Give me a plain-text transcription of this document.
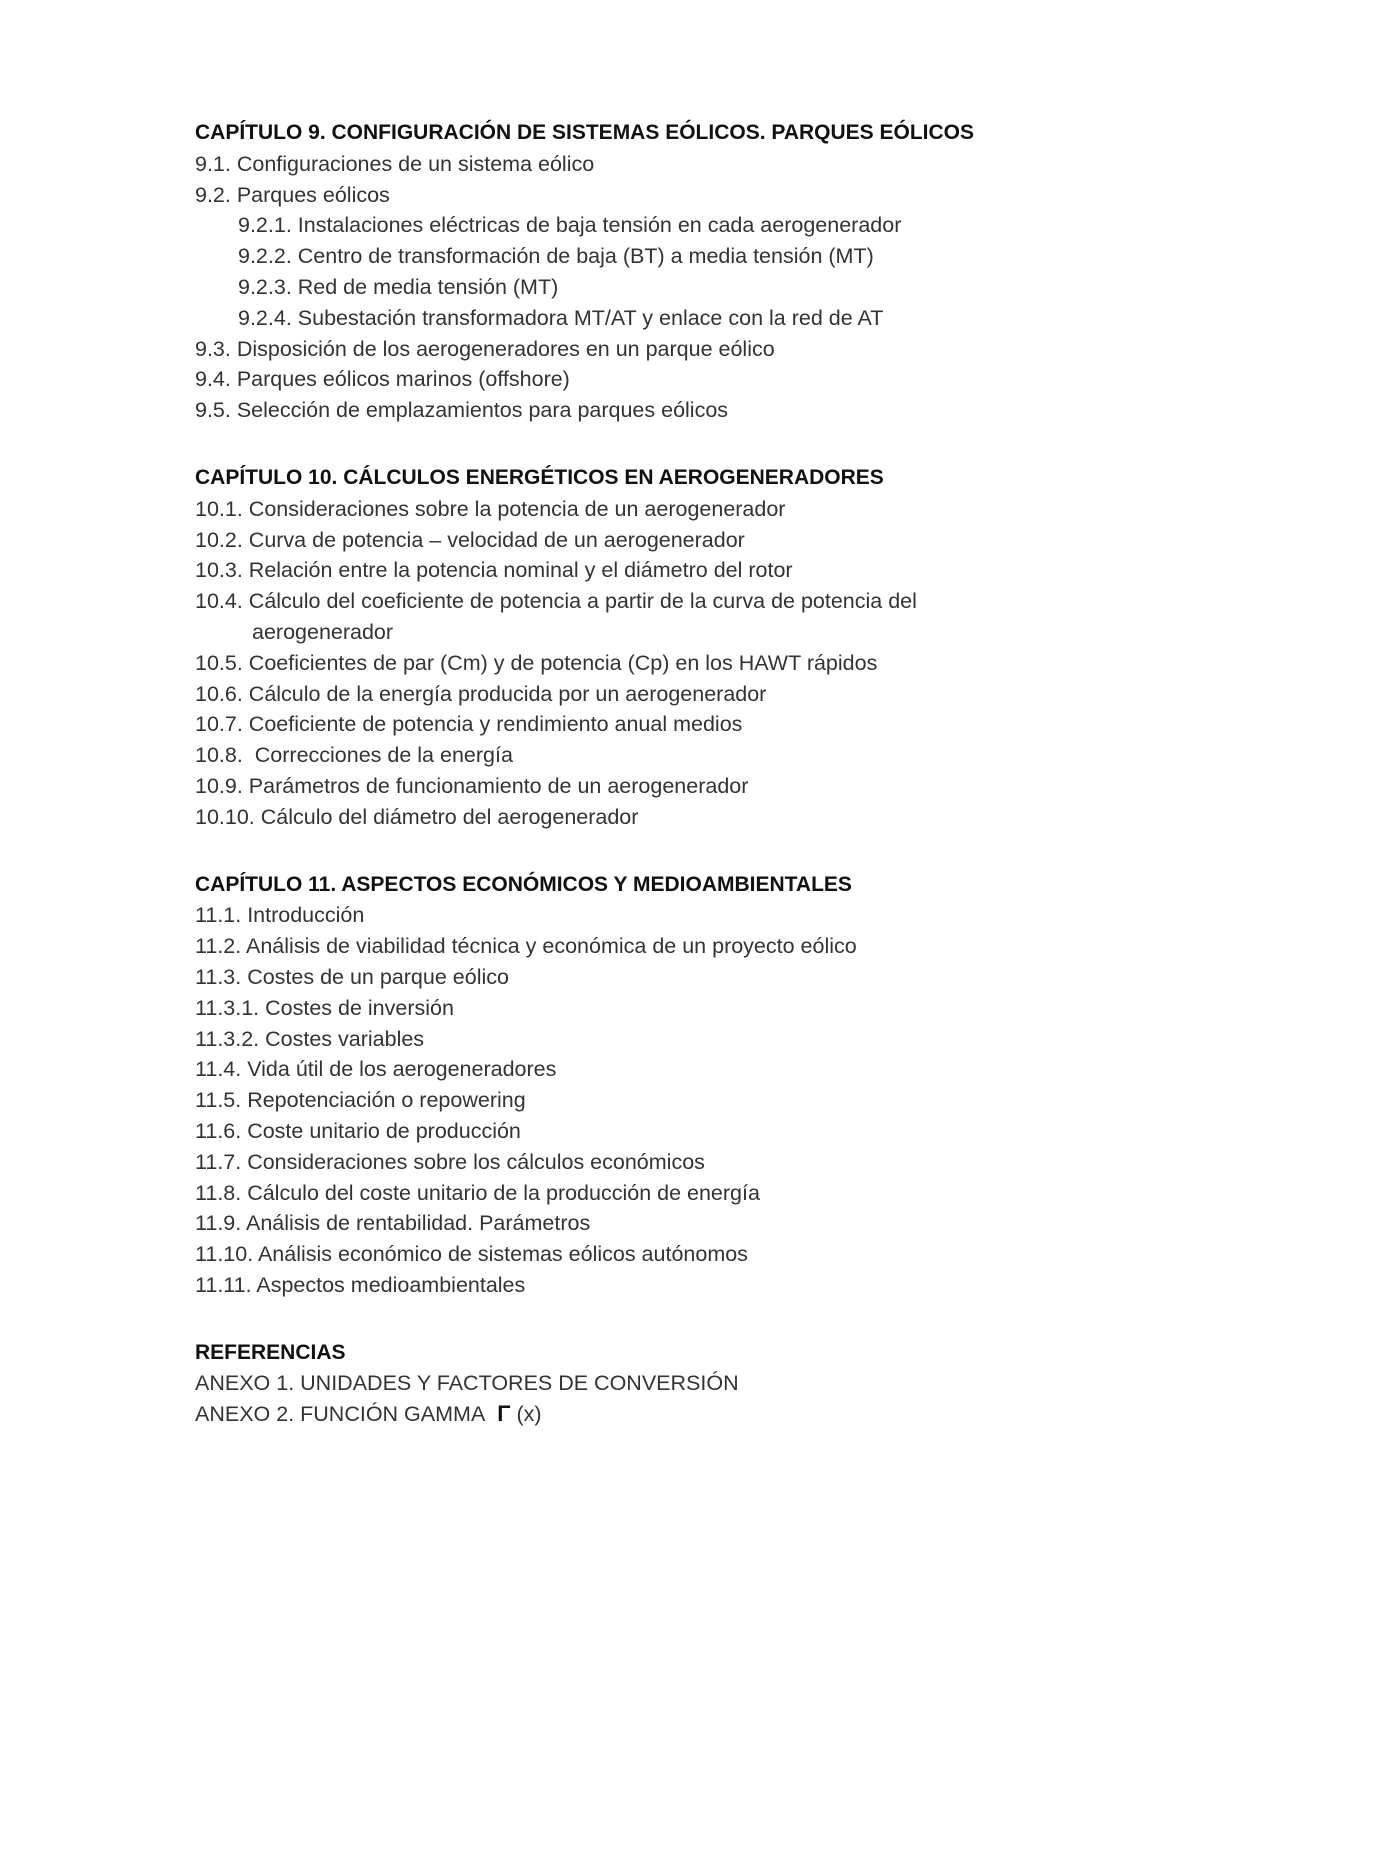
CAPÍTULO 9. CONFIGURACIÓN DE SISTEMAS EÓLICOS. PARQUES EÓLICOS

9.1. Configuraciones de un sistema eólico

9.2. Parques eólicos

9.2.1. Instalaciones eléctricas de baja tensión en cada aerogenerador

9.2.2. Centro de transformación de baja (BT) a media tensión (MT)

9.2.3. Red de media tensión (MT)

9.2.4. Subestación transformadora MT/AT y enlace con la red de AT

9.3. Disposición de los aerogeneradores en un parque eólico

9.4. Parques eólicos marinos (offshore)

9.5. Selección de emplazamientos para parques eólicos

CAPÍTULO 10. CÁLCULOS ENERGÉTICOS EN AEROGENERADORES

10.1. Consideraciones sobre la potencia de un aerogenerador

10.2. Curva de potencia – velocidad de un aerogenerador

10.3. Relación entre la potencia nominal y el diámetro del rotor

10.4. Cálculo del coeficiente de potencia a partir de la curva de potencia del aerogenerador

10.5. Coeficientes de par (Cm) y de potencia (Cp) en los HAWT rápidos

10.6. Cálculo de la energía producida por un aerogenerador

10.7. Coeficiente de potencia y rendimiento anual medios

10.8.  Correcciones de la energía

10.9. Parámetros de funcionamiento de un aerogenerador

10.10. Cálculo del diámetro del aerogenerador

CAPÍTULO 11. ASPECTOS ECONÓMICOS Y MEDIOAMBIENTALES

11.1. Introducción

11.2. Análisis de viabilidad técnica y económica de un proyecto eólico

11.3. Costes de un parque eólico

11.3.1. Costes de inversión

11.3.2. Costes variables

11.4. Vida útil de los aerogeneradores

11.5. Repotenciación o repowering

11.6. Coste unitario de producción

11.7. Consideraciones sobre los cálculos económicos

11.8. Cálculo del coste unitario de la producción de energía

11.9. Análisis de rentabilidad. Parámetros

11.10. Análisis económico de sistemas eólicos autónomos

11.11. Aspectos medioambientales

REFERENCIAS

ANEXO 1. UNIDADES Y FACTORES DE CONVERSIÓN

ANEXO 2. FUNCIÓN GAMMA Γ (x)
